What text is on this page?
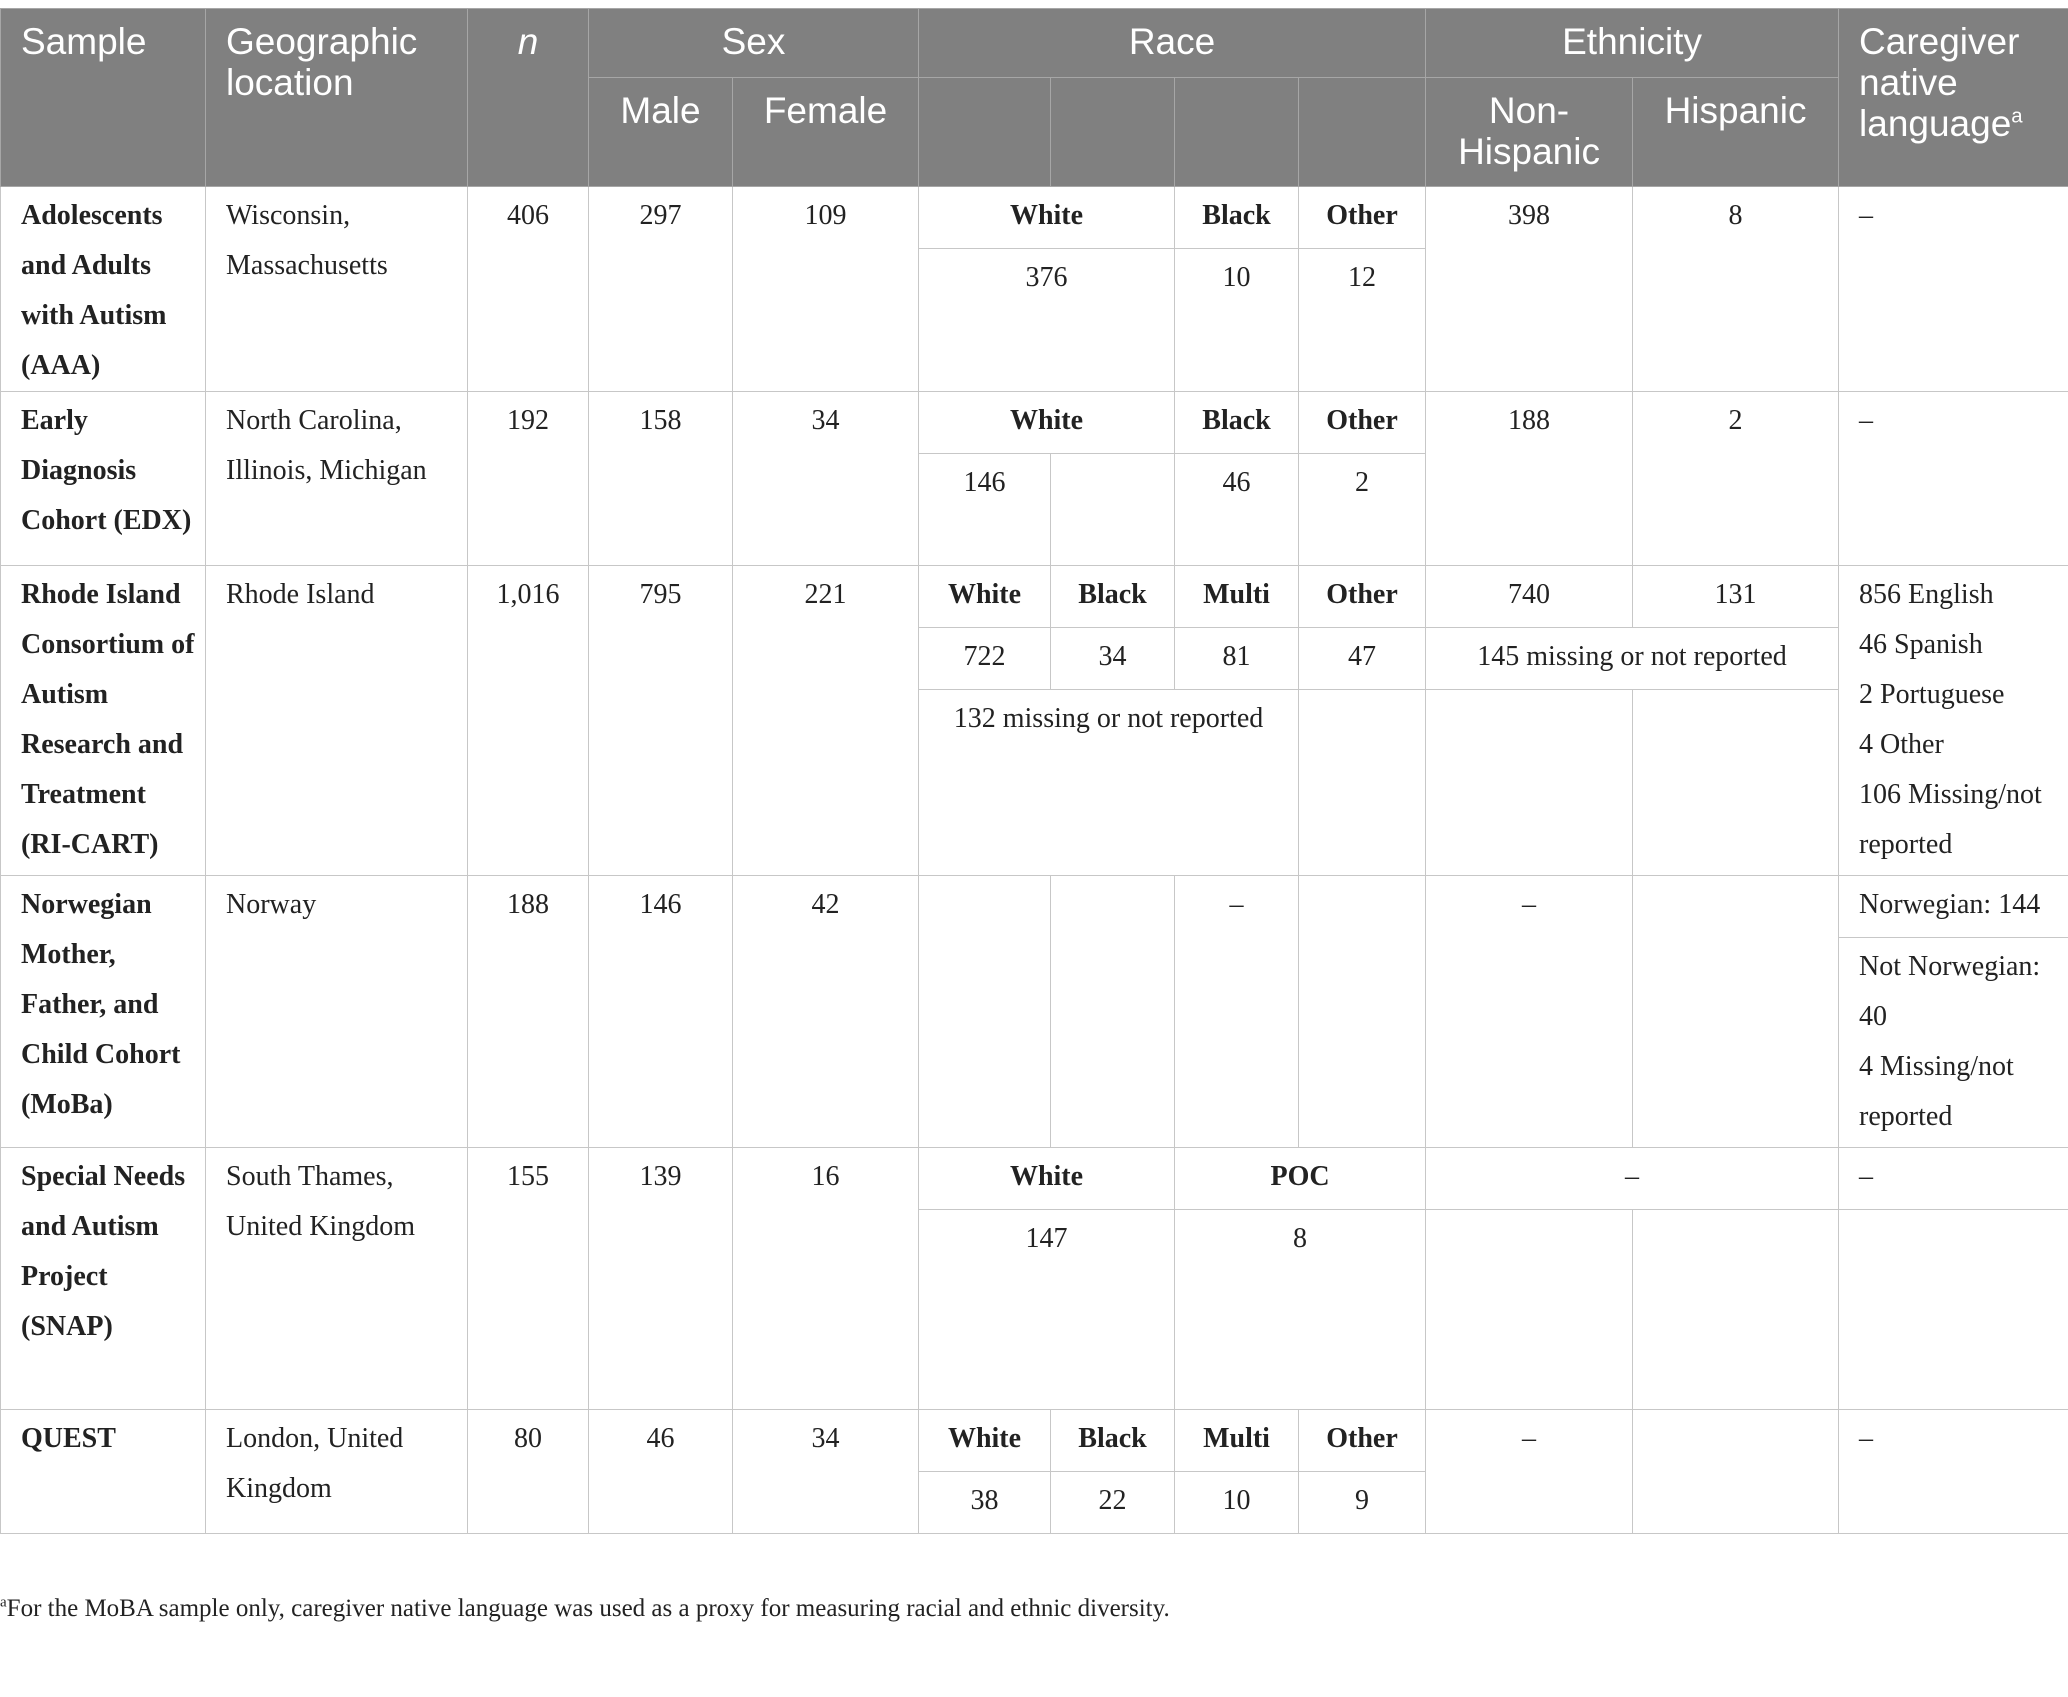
Sample	Geographic location	n	Sex		Race				Ethnicity		Caregiver native language$^a$
			Male	Female					Non-Hispanic	Hispanic	
Adolescents and Adults with Autism (AAA)	Wisconsin, Massachusetts	406	297	109	White		Black	Other	398	8	–
					376		10	12			

Early Diagnosis Cohort (EDX)	North Carolina, Illinois, Michigan	192	158	34	White		Black	Other	188	2	–
					146		46	2			

Rhode Island Consortium of Autism Research and Treatment (RI-CART)	Rhode Island	1,016	795	221	White	Black	Multi	Other	740	131	856 English
46 Spanish
2 Portuguese
4 Other
106 Missing/not reported
					722	34	81	47	145 missing or not reported		
					132 missing or not reported						

Norwegian Mother, Father, and Child Cohort (MoBa)	Norway	188	146	42			–		–		Norwegian: 144
											Not Norwegian: 40
4 Missing/not reported

Special Needs and Autism Project (SNAP)	South Thames, United Kingdom	155	139	16	White		POC		–		–
					147		8				

QUEST	London, United Kingdom	80	46	34	White	Black	Multi	Other	–		–
					38	22	10	9			
$^a$For the MoBA sample only, caregiver native language was used as a proxy for measuring racial and ethnic diversity.
